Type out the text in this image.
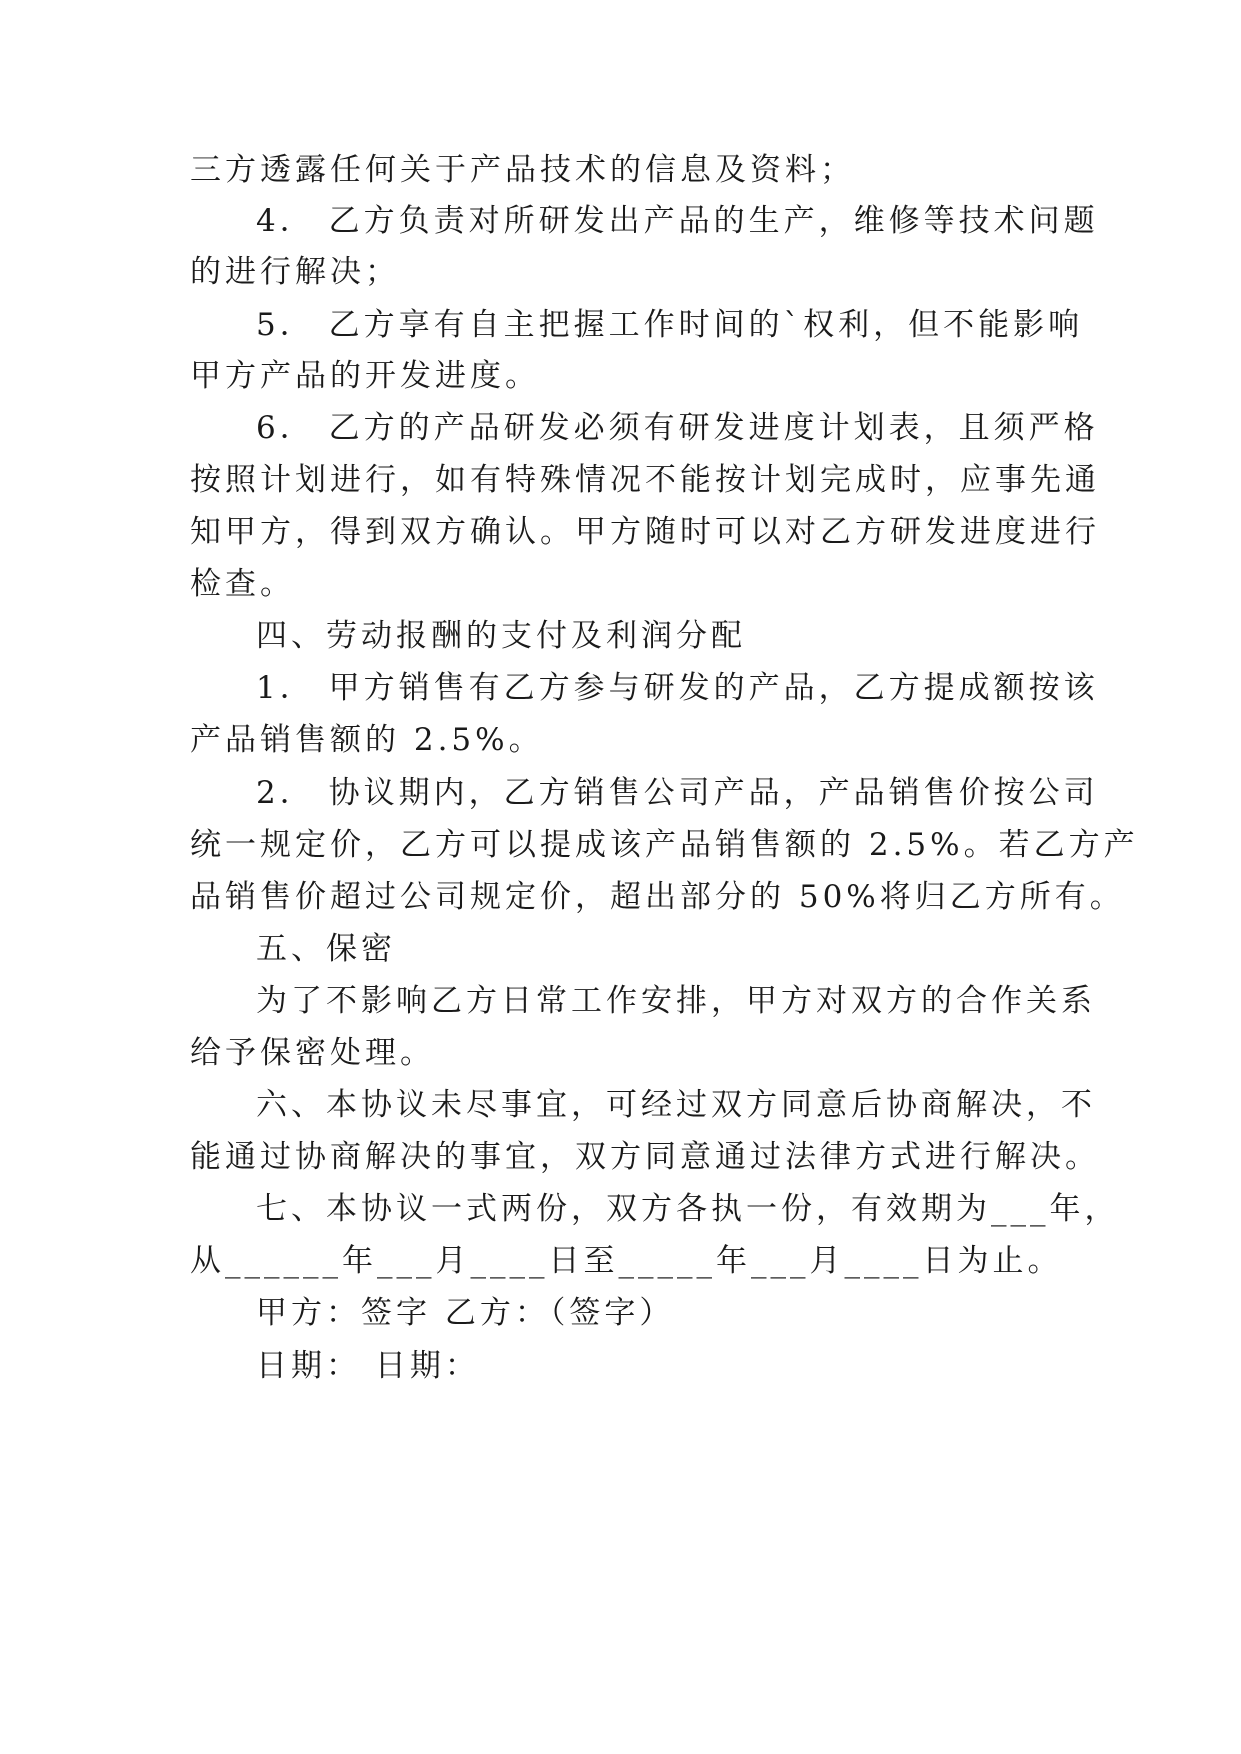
三方透露任何关于产品技术的信息及资料；
4． 乙方负责对所研发出产品的生产，维修等技术问题
的进行解决；
5． 乙方享有自主把握工作时间的`权利，但不能影响
甲方产品的开发进度。
6． 乙方的产品研发必须有研发进度计划表，且须严格
按照计划进行，如有特殊情况不能按计划完成时，应事先通
知甲方，得到双方确认。甲方随时可以对乙方研发进度进行
检查。
四、劳动报酬的支付及利润分配
1． 甲方销售有乙方参与研发的产品，乙方提成额按该
产品销售额的 2.5%。
2． 协议期内，乙方销售公司产品，产品销售价按公司
统一规定价，乙方可以提成该产品销售额的 2.5%。若乙方产
品销售价超过公司规定价，超出部分的 50%将归乙方所有。
五、保密
为了不影响乙方日常工作安排，甲方对双方的合作关系
给予保密处理。
六、本协议未尽事宜，可经过双方同意后协商解决，不
能通过协商解决的事宜，双方同意通过法律方式进行解决。
七、本协议一式两份，双方各执一份，有效期为___年，
从______年___月____日至_____年___月____日为止。
甲方：签字 乙方：（签字）
日期： 日期：
